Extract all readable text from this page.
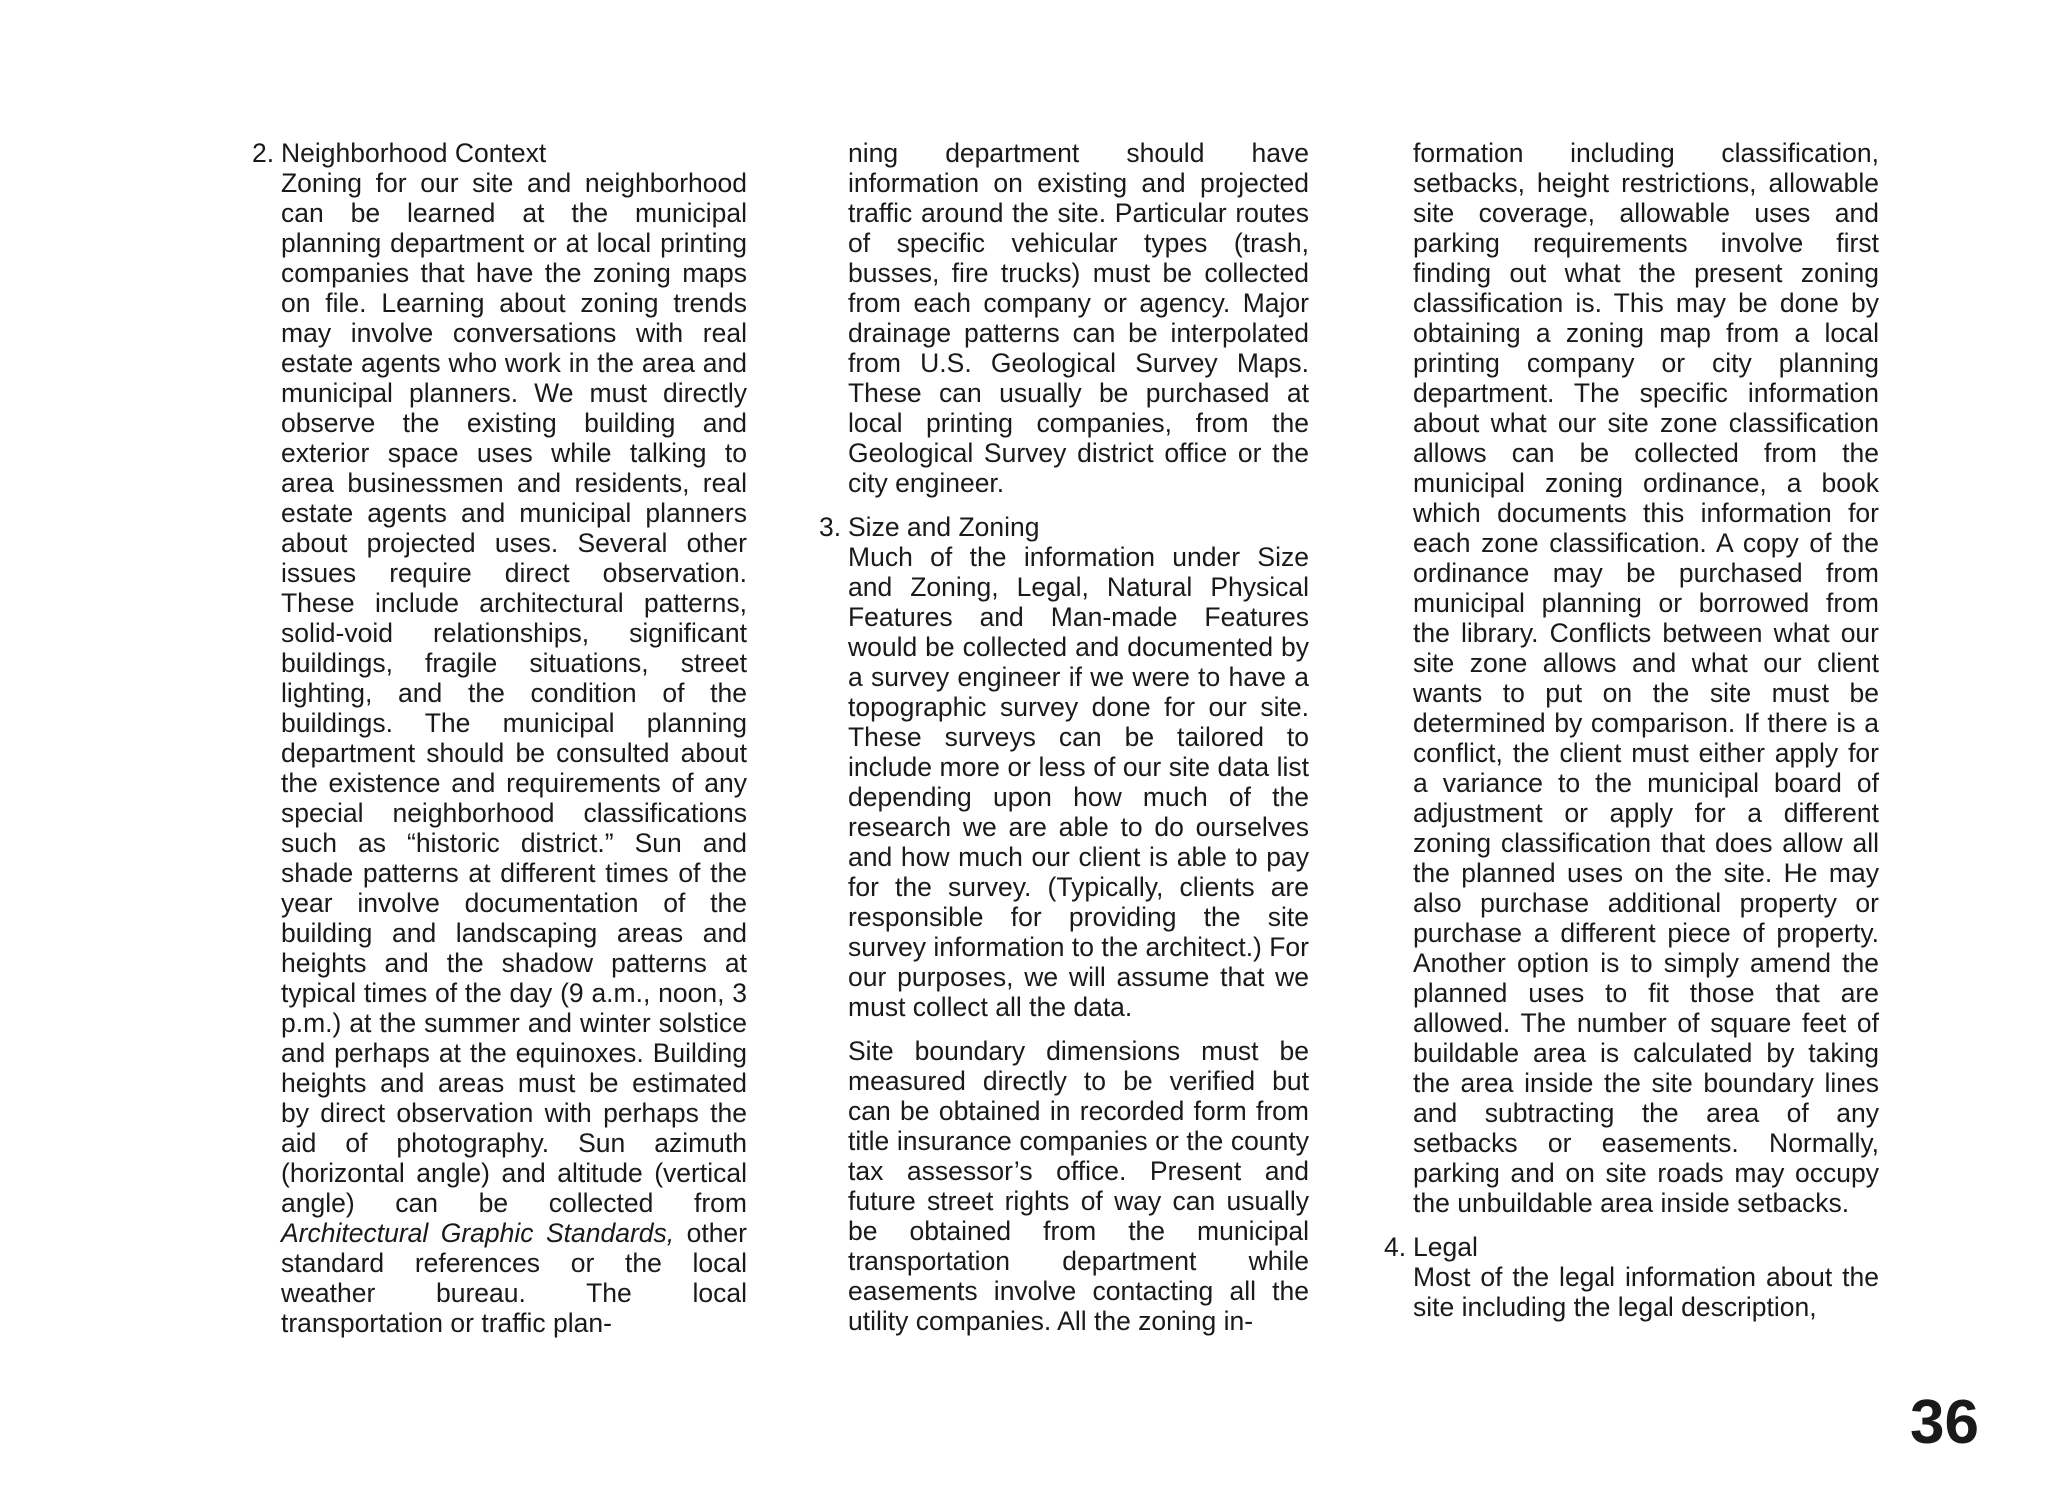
2. Neighborhood Context

Zoning for our site and neighborhood can be learned at the municipal planning department or at local printing companies that have the zoning maps on file. Learning about zoning trends may involve conversations with real estate agents who work in the area and municipal planners. We must directly observe the existing building and exterior space uses while talking to area businessmen and residents, real estate agents and municipal planners about projected uses. Several other issues require direct observation. These include architectural patterns, solid-void relationships, significant buildings, fragile situations, street lighting, and the condition of the buildings. The municipal planning department should be consulted about the existence and requirements of any special neighborhood classifications such as “historic district.” Sun and shade patterns at different times of the year involve documentation of the building and landscaping areas and heights and the shadow patterns at typical times of the day (9 a.m., noon, 3 p.m.) at the summer and winter solstice and perhaps at the equinoxes. Building heights and areas must be estimated by direct observation with perhaps the aid of photography. Sun azimuth (horizontal angle) and altitude (vertical angle) can be collected from Architectural Graphic Standards, other standard references or the local weather bureau. The local transportation or traffic plan-

ning department should have information on existing and projected traffic around the site. Particular routes of specific vehicular types (trash, busses, fire trucks) must be collected from each company or agency. Major drainage patterns can be interpolated from U.S. Geological Survey Maps. These can usually be purchased at local printing companies, from the Geological Survey district office or the city engineer.

3. Size and Zoning

Much of the information under Size and Zoning, Legal, Natural Physical Features and Man-made Features would be collected and documented by a survey engineer if we were to have a topographic survey done for our site. These surveys can be tailored to include more or less of our site data list depending upon how much of the research we are able to do ourselves and how much our client is able to pay for the survey. (Typically, clients are responsible for providing the site survey information to the architect.) For our purposes, we will assume that we must collect all the data.

Site boundary dimensions must be measured directly to be verified but can be obtained in recorded form from title insurance companies or the county tax assessor’s office. Present and future street rights of way can usually be obtained from the municipal transportation department while easements involve contacting all the utility companies. All the zoning in-

formation including classification, setbacks, height restrictions, allowable site coverage, allowable uses and parking requirements involve first finding out what the present zoning classification is. This may be done by obtaining a zoning map from a local printing company or city planning department. The specific information about what our site zone classification allows can be collected from the municipal zoning ordinance, a book which documents this information for each zone classification. A copy of the ordinance may be purchased from municipal planning or borrowed from the library. Conflicts between what our site zone allows and what our client wants to put on the site must be determined by comparison. If there is a conflict, the client must either apply for a variance to the municipal board of adjustment or apply for a different zoning classification that does allow all the planned uses on the site. He may also purchase additional property or purchase a different piece of property. Another option is to simply amend the planned uses to fit those that are allowed. The number of square feet of buildable area is calculated by taking the area inside the site boundary lines and subtracting the area of any setbacks or easements. Normally, parking and on site roads may occupy the unbuildable area inside setbacks.

4. Legal

Most of the legal information about the site including the legal description,

36
